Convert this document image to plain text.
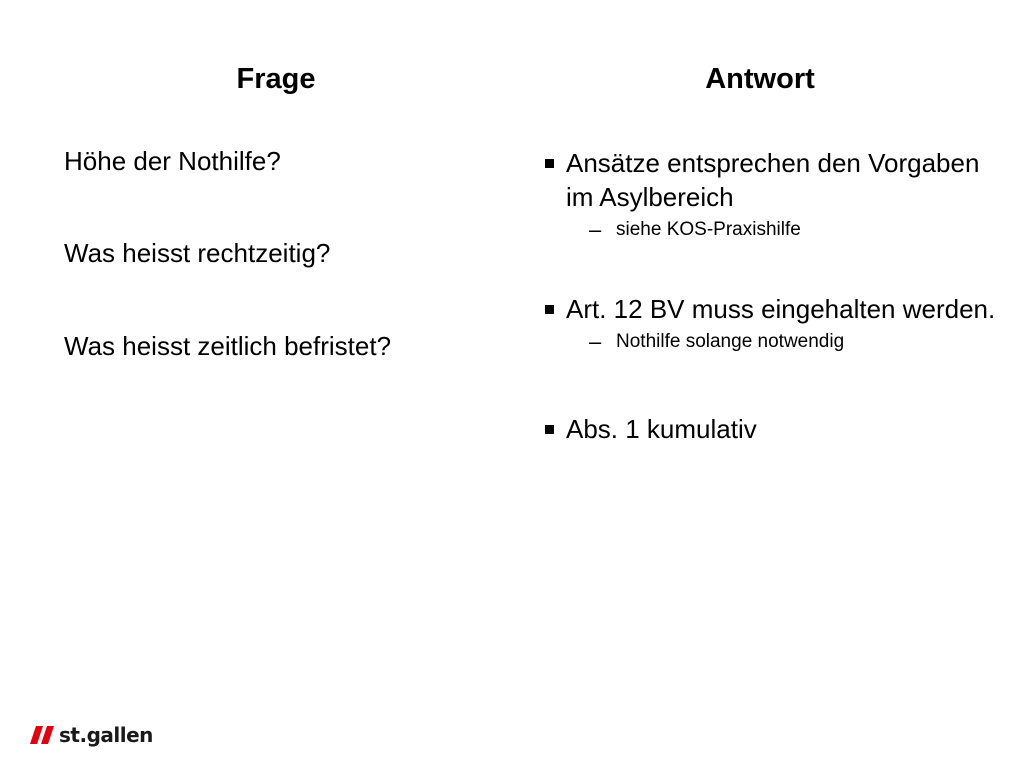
Frage	Antwort
Höhe der Nothilfe?
Was heisst rechtzeitig?
Was heisst zeitlich befristet?
Ansätze entsprechen den Vorgaben im Asylbereich
– siehe KOS-Praxishilfe
Art. 12 BV muss eingehalten werden.
– Nothilfe solange notwendig
Abs. 1 kumulativ
st.gallen
